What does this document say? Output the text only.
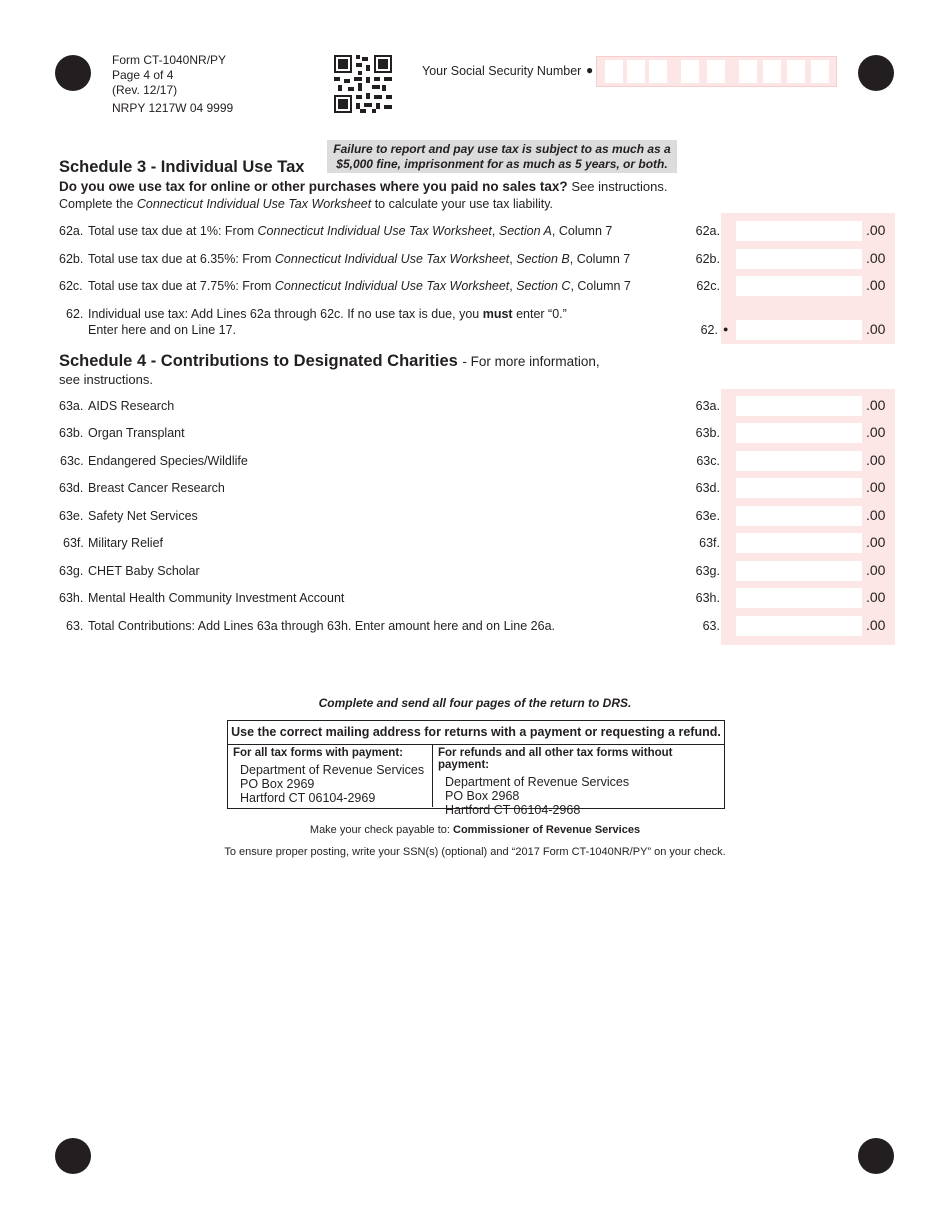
Form CT-1040NR/PY
Page 4 of 4
(Rev. 12/17)
NRPY 1217W 04 9999
Your Social Security Number ●
Failure to report and pay use tax is subject to as much as a
$5,000 fine, imprisonment for as much as 5 years, or both.
Schedule 3 - Individual Use Tax
Do you owe use tax for online or other purchases where you paid no sales tax? See instructions.
Complete the Connecticut Individual Use Tax Worksheet to calculate your use tax liability.
62a. Total use tax due at 1%: From Connecticut Individual Use Tax Worksheet, Section A, Column 7	62a.	.00
62b. Total use tax due at 6.35%: From Connecticut Individual Use Tax Worksheet, Section B, Column 7	62b.	.00
62c. Total use tax due at 7.75%: From Connecticut Individual Use Tax Worksheet, Section C, Column 7	62c.	.00
62. Individual use tax: Add Lines 62a through 62c. If no use tax is due, you must enter “0.”
Enter here and on Line 17.	62. ●	.00
Schedule 4 - Contributions to Designated Charities - For more information,
see instructions.
63a. AIDS Research	63a.	.00
63b. Organ Transplant	63b.	.00
63c. Endangered Species/Wildlife	63c.	.00
63d. Breast Cancer Research	63d.	.00
63e. Safety Net Services	63e.	.00
63f. Military Relief	63f.	.00
63g. CHET Baby Scholar	63g.	.00
63h. Mental Health Community Investment Account	63h.	.00
63. Total Contributions: Add Lines 63a through 63h. Enter amount here and on Line 26a.	63.	.00
Complete and send all four pages of the return to DRS.
Use the correct mailing address for returns with a payment or requesting a refund.
For all tax forms with payment:
Department of Revenue Services
PO Box 2969
Hartford CT 06104-2969
For refunds and all other tax forms without payment:
Department of Revenue Services
PO Box 2968
Hartford CT 06104-2968
Make your check payable to: Commissioner of Revenue Services
To ensure proper posting, write your SSN(s) (optional) and “2017 Form CT-1040NR/PY” on your check.
